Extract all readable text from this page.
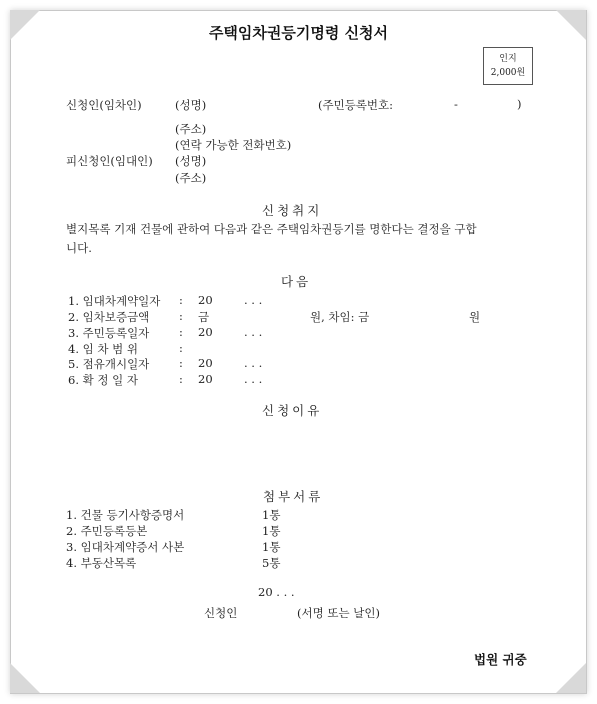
주택임차권등기명령 신청서
인지
2,000원
신청인(임차인)	(성명)	(주민등록번호:	-	)
(주소)
(연락 가능한 전화번호)
피신청인(임대인) (성명)
(주소)
신청취지
별지목록 기재 건물에 관하여 다음과 같은 주택임차권등기를 명한다는 결정을 구합
니다.
다음
1. 임대차계약일자 : 20	. . .
2. 임차보증금액	: 금	원, 차임: 금	원
3. 주민등록일자	: 20	. . .
4. 임 차 범 위	:
5. 점유개시일자	: 20	. . .
6. 확 정 일 자	: 20	. . .
신청이유
첨부서류
1. 건물 등기사항증명서	1통
2. 주민등록등본	1통
3. 임대차계약증서 사본	1통
4. 부동산목록	5통
20 . . .
신청인	(서명 또는 날인)
법원 귀중
